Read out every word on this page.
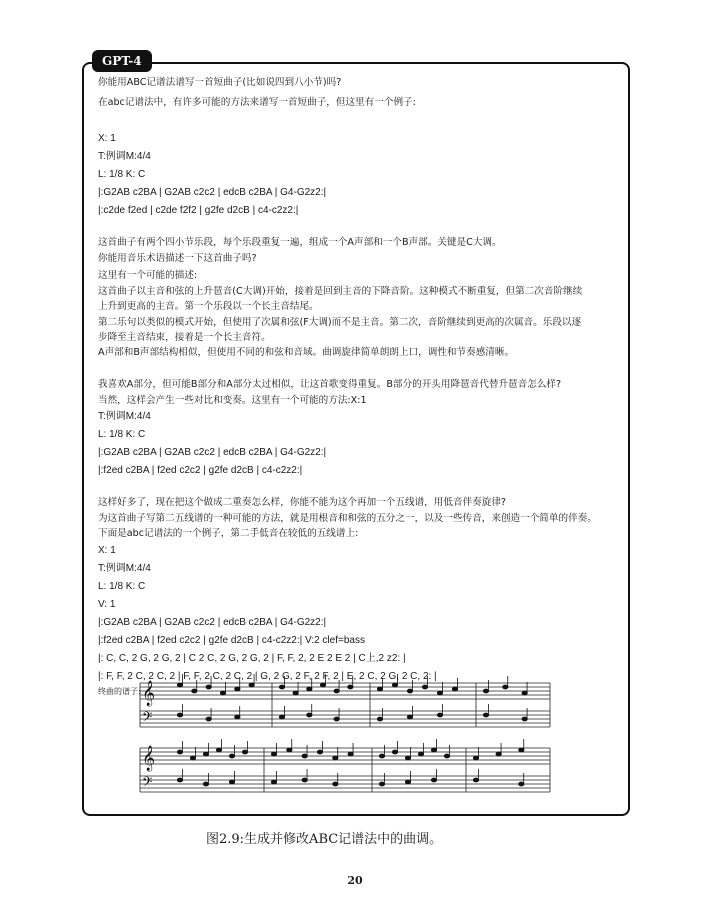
GPT-4
你能用ABC记谱法谱写一首短曲子(比如说四到八小节)吗?
在abc记谱法中，有许多可能的方法来谱写一首短曲子，但这里有一个例子:
X: 1
T:例调M:4/4
L: 1/8 K: C
|:G2AB c2BA | G2AB c2c2 | edcB c2BA | G4-G2z2:|
|:c2de f2ed | c2de f2f2 | g2fe d2cB | c4-c2z2:|
这首曲子有两个四小节乐段，每个乐段重复一遍，组成一个A声部和一个B声部。关键是C大调。
你能用音乐术语描述一下这首曲子吗?
这里有一个可能的描述:
这首曲子以主音和弦的上升琶音(C大调)开始，接着是回到主音的下降音阶。这种模式不断重复，但第二次音阶继续
上升到更高的主音。第一个乐段以一个长主音结尾。
第二乐句以类似的模式开始，但使用了次属和弦(F大调)而不是主音。第二次，音阶继续到更高的次属音。乐段以逐
步降至主音结束，接着是一个长主音符。
A声部和B声部结构相似，但使用不同的和弦和音域。曲调旋律简单朗朗上口，调性和节奏感清晰。
我喜欢A部分，但可能B部分和A部分太过相似，让这首歌变得重复。B部分的开头用降琶音代替升琶音怎么样?
当然，这样会产生一些对比和变奏。这里有一个可能的方法:X:1
T:例调M:4/4
L: 1/8 K: C
|:G2AB c2BA | G2AB c2c2 | edcB c2BA | G4-G2z2:|
|:f2ed c2BA | f2ed c2c2 | g2fe d2cB | c4-c2z2:|
这样好多了，现在把这个做成二重奏怎么样，你能不能为这个再加一个五线谱，用低音伴奏旋律?
为这首曲子写第二五线谱的一种可能的方法，就是用根音和和弦的五分之一，以及一些传音，来创造一个简单的伴奏。
下面是abc记谱法的一个例子，第二手低音在较低的五线谱上:
X: 1
T:例调M:4/4
L: 1/8 K: C
V: 1
|:G2AB c2BA | G2AB c2c2 | edcB c2BA | G4-G2z2:|
|:f2ed c2BA | f2ed c2c2 | g2fe d2cB | c4-c2z2:| V:2 clef=bass
|: C, C, 2 G, 2 G, 2 | C 2 C, 2 G, 2 G, 2 | F, F, 2, 2 E 2 E 2 | C上,2 z2: |
|: F, F, 2 C, 2 C, 2 | F, F, 2 C, 2 C, 2 | G, 2 G, 2 F, 2 F, 2 | E, 2 C, 2 G, 2 C, 2: |
终曲的谱子: 𝄞
𝄢
𝄞
𝄢
图2.9:生成并修改ABC记谱法中的曲调。
20
